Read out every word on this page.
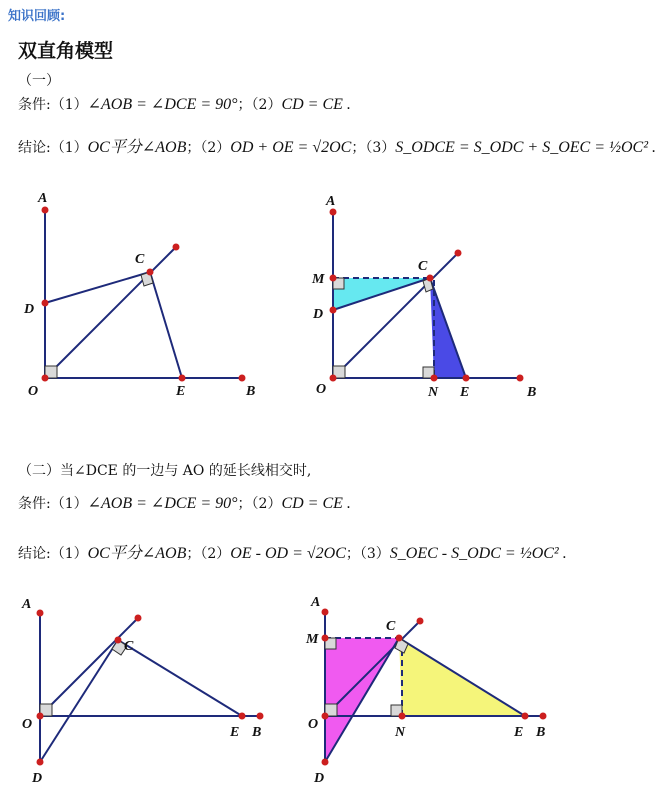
知识回顾:
双直角模型
（一）
条件:（1）∠AOB = ∠DCE = 90°；（2）CD = CE .
结论:（1）OC平分∠AOB；（2）OD + OE = √2OC；（3）S_ODCE = S_ODC + S_OEC = ½OC² .
（二）当∠DCE 的一边与 AO 的延长线相交时,
条件:（1）∠AOB = ∠DCE = 90°；（2）CD = CE .
结论:（1）OC平分∠AOB；（2）OE - OD = √2OC；（3）S_OEC - S_ODC = ½OC² .
A
D
O
C
E	B
A
M
D
O
C
N E	B
A
O
D
C
E B
A
M
O
D
C
N	E B
